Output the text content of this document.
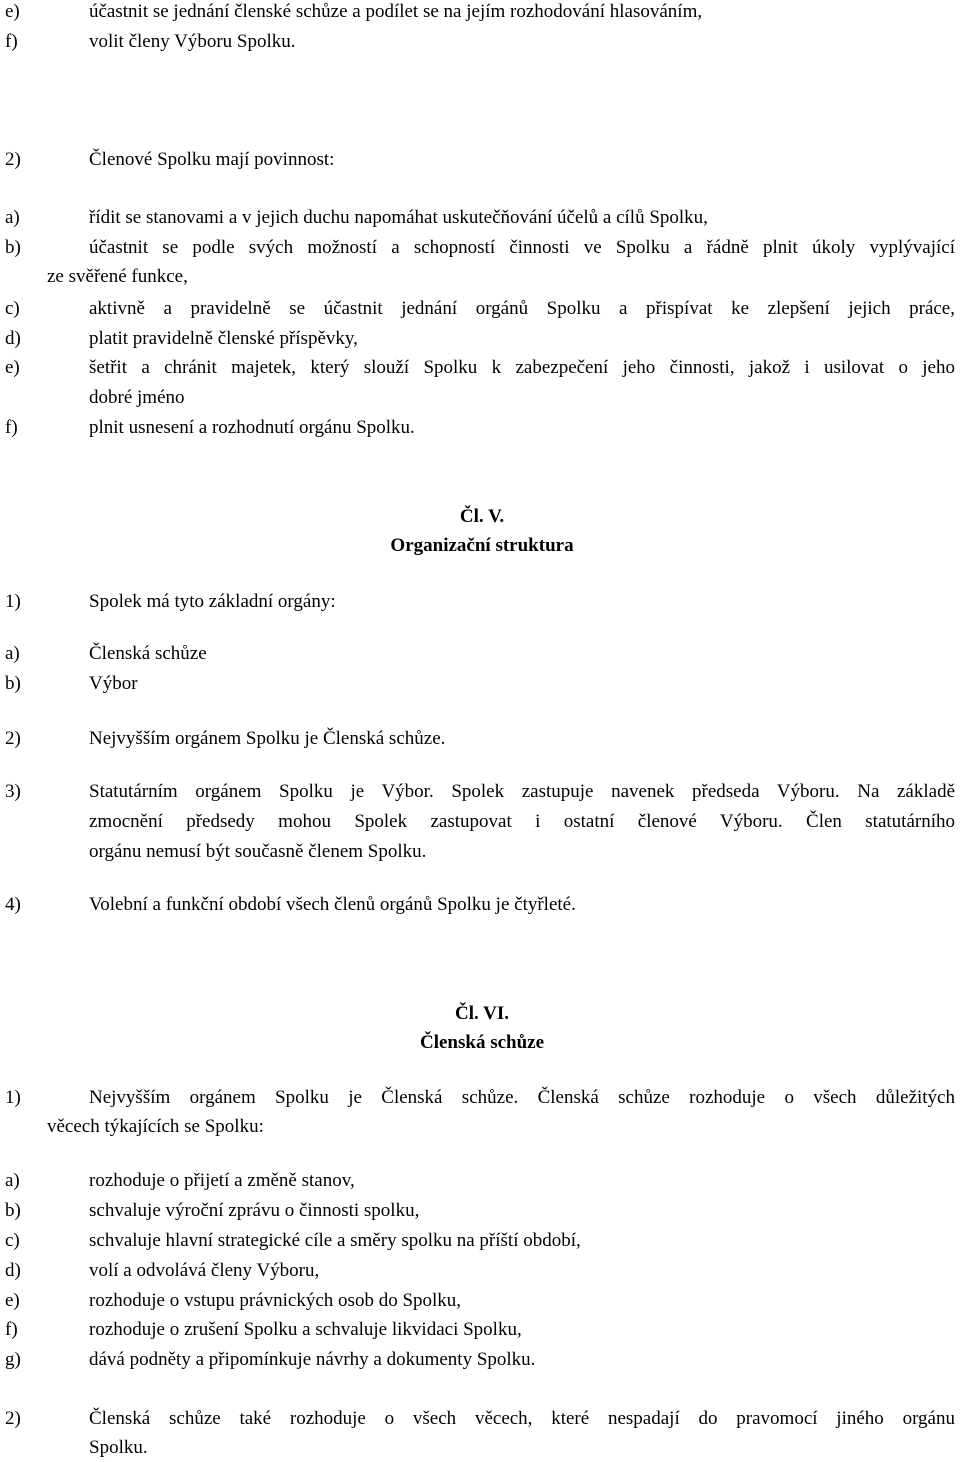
e)	účastnit se jednání členské schůze a podílet se na jejím rozhodování hlasováním,
f)	volit členy Výboru Spolku.
2)	Členové Spolku mají povinnost:
a)	řídit se stanovami a v jejich duchu napomáhat uskutečňování účelů a cílů Spolku,
b)	účastnit se podle svých možností a schopností činnosti ve Spolku a řádně plnit úkoly vyplývající
ze svěřené funkce,
c)	aktivně a pravidelně se účastnit jednání orgánů Spolku a přispívat ke zlepšení jejich práce,
d)	platit pravidelně členské příspěvky,
e)	šetřit a chránit majetek, který slouží Spolku k zabezpečení jeho činnosti, jakož i usilovat o jeho
dobré jméno
f)	plnit usnesení a rozhodnutí orgánu Spolku.
Čl. V.
Organizační struktura
1)	Spolek má tyto základní orgány:
a)	Členská schůze
b)	Výbor
2)	Nejvyšším orgánem Spolku je Členská schůze.
3)	Statutárním orgánem Spolku je Výbor. Spolek zastupuje navenek předseda Výboru. Na základě
zmocnění předsedy mohou Spolek zastupovat i ostatní členové Výboru. Člen statutárního
orgánu nemusí být současně členem Spolku.
4)	Volební a funkční období všech členů orgánů Spolku je čtyřleté.
Čl. VI.
Členská schůze
1)	Nejvyšším orgánem Spolku je Členská schůze. Členská schůze rozhoduje o všech důležitých
věcech týkajících se Spolku:
a)	rozhoduje o přijetí a změně stanov,
b)	schvaluje výroční zprávu o činnosti spolku,
c)	schvaluje hlavní strategické cíle a směry spolku na příští období,
d)	volí a odvolává členy Výboru,
e)	rozhoduje o vstupu právnických osob do Spolku,
f)	rozhoduje o zrušení Spolku a schvaluje likvidaci Spolku,
g)	dává podněty a připomínkuje návrhy a dokumenty Spolku.
2)	Členská schůze také rozhoduje o všech věcech, které nespadají do pravomocí jiného orgánu
Spolku.
